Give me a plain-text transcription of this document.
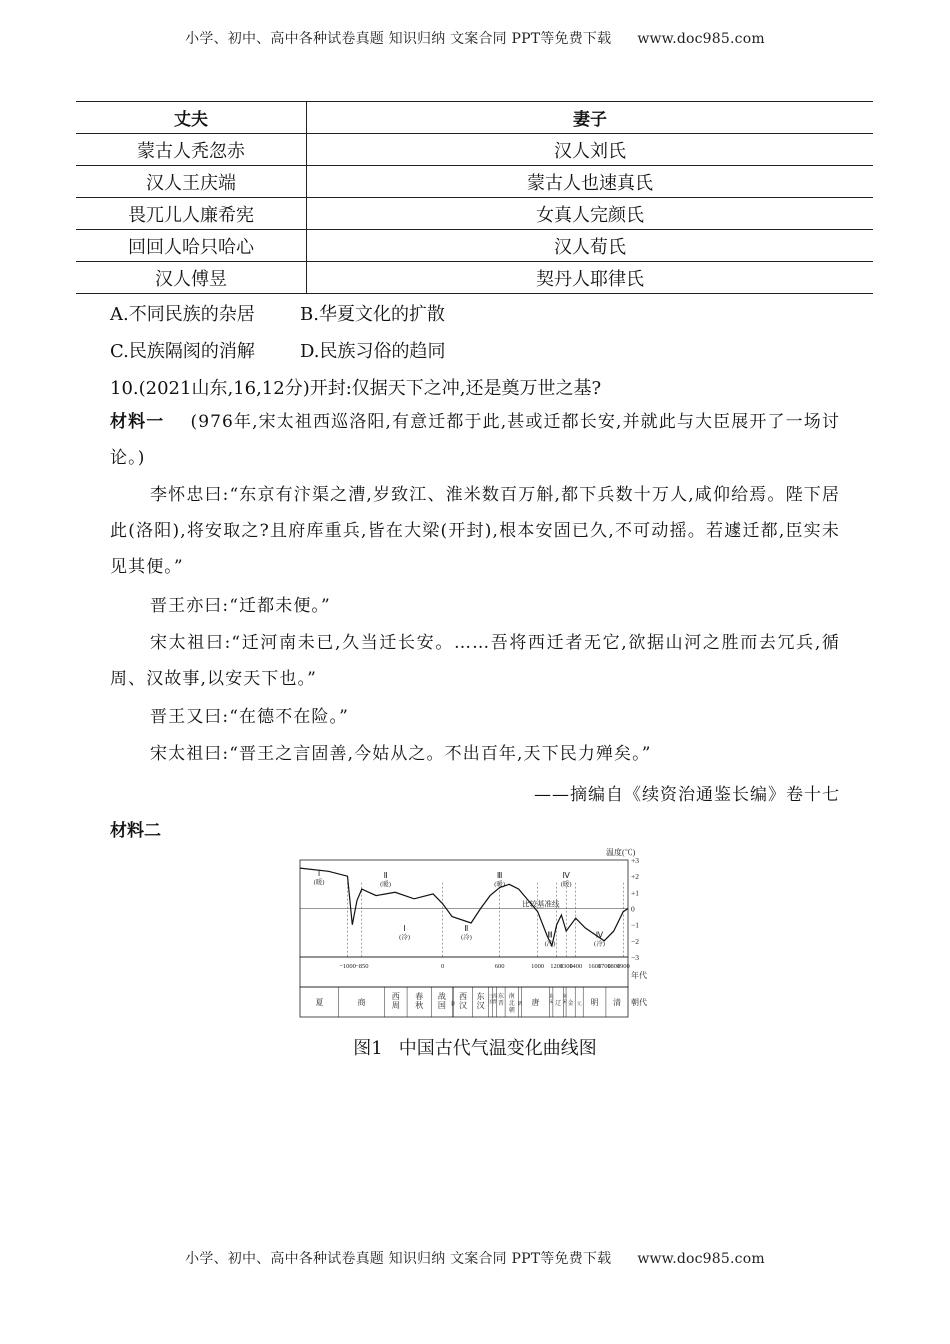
小学、初中、高中各种试卷真题 知识归纳 文案合同 PPT等免费下载 www.doc985.com
丈夫	妻子
蒙古人秃忽赤	汉人刘氏
汉人王庆端	蒙古人也速真氏
畏兀儿人廉希宪	女真人完颜氏
回回人哈只哈心	汉人荀氏
汉人傅昱	契丹人耶律氏
A.不同民族的杂居	B.华夏文化的扩散
C.民族隔阂的消解	D.民族习俗的趋同
10.(2021山东,16,12分)开封:仅据天下之冲,还是奠万世之基?
材料一 (976年,宋太祖西巡洛阳,有意迁都于此,甚或迁都长安,并就此与大臣展开了一场讨论。)
李怀忠曰:“东京有汴渠之漕,岁致江、淮米数百万斛,都下兵数十万人,咸仰给焉。陛下居此(洛阳),将安取之?且府库重兵,皆在大梁(开封),根本安固已久,不可动摇。若遽迁都,臣实未见其便。”
晋王亦曰:“迁都未便。”
宋太祖曰:“迁河南未已,久当迁长安。……吾将西迁者无它,欲据山河之胜而去冗兵,循周、汉故事,以安天下也。”
晋王又曰:“在德不在险。”
宋太祖曰:“晋王之言固善,今姑从之。不出百年,天下民力殚矣。”
——摘编自《续资治通鉴长编》卷十七
材料二
温度(℃)
+3
+2
+1
0
−1
−2
−3
比较基准线
Ⅰ
(暖)
Ⅱ
(暖)
Ⅲ
(暖)
Ⅳ
(暖)
Ⅰ
(冷)
Ⅱ
(冷)	Ⅲ
(冷)
Ⅳ
(冷)
−1000 −850	0	600	1000 1200
1300
1400 1600
1700
1800
1900
年代
朝代
夏	商
西
周
春
秋
战
国 秦
西
汉
东
汉
三
国
西
晋
东
晋
南
北
朝
隋 唐
北
宋 辽
南
宋 金 元 明 清
图1 中国古代气温变化曲线图
小学、初中、高中各种试卷真题 知识归纳 文案合同 PPT等免费下载 www.doc985.com
